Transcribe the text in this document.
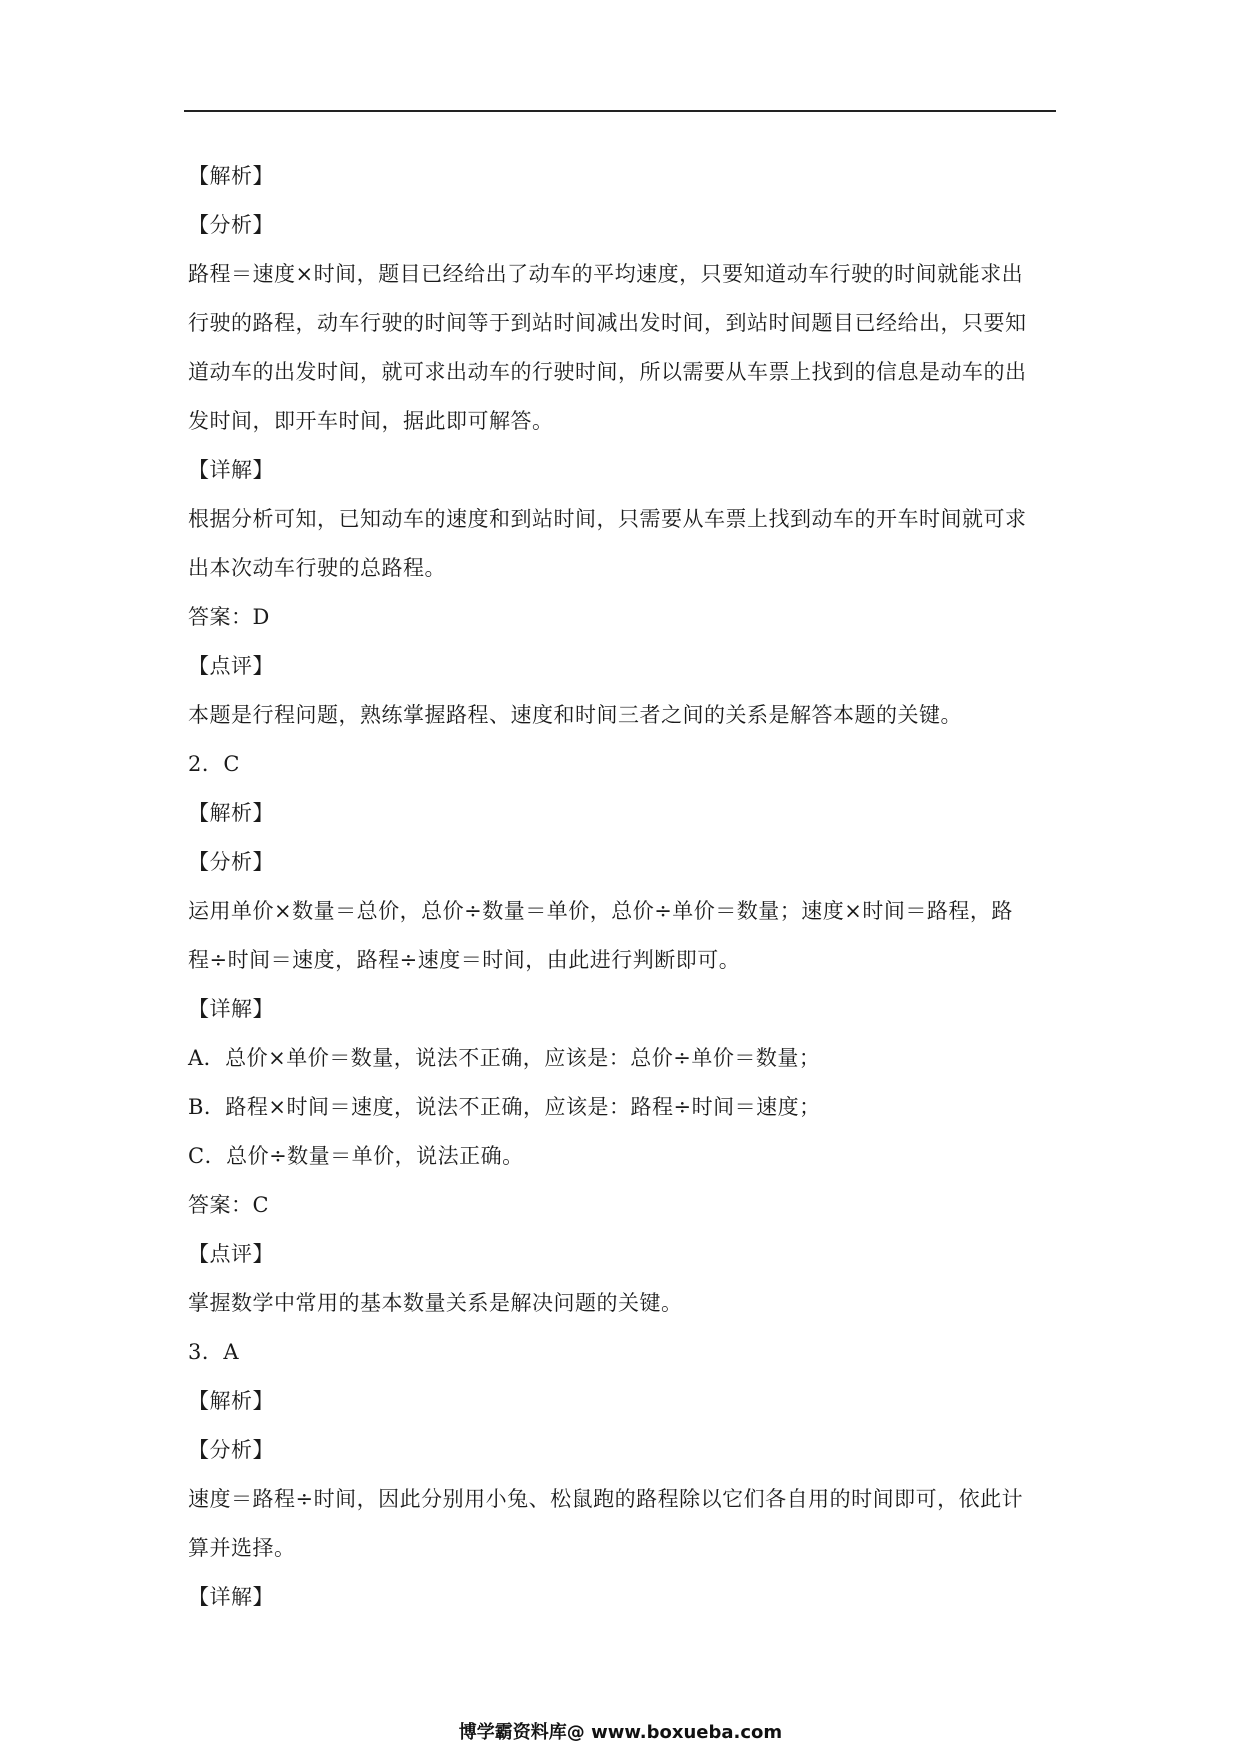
【解析】
【分析】
路程＝速度×时间，题目已经给出了动车的平均速度，只要知道动车行驶的时间就能求出
行驶的路程，动车行驶的时间等于到站时间减出发时间，到站时间题目已经给出，只要知
道动车的出发时间，就可求出动车的行驶时间，所以需要从车票上找到的信息是动车的出
发时间，即开车时间，据此即可解答。
【详解】
根据分析可知，已知动车的速度和到站时间，只需要从车票上找到动车的开车时间就可求
出本次动车行驶的总路程。
答案：D
【点评】
本题是行程问题，熟练掌握路程、速度和时间三者之间的关系是解答本题的关键。
2．C
【解析】
【分析】
运用单价×数量＝总价，总价÷数量＝单价，总价÷单价＝数量；速度×时间＝路程，路
程÷时间＝速度，路程÷速度＝时间，由此进行判断即可。
【详解】
A．总价×单价＝数量，说法不正确，应该是：总价÷单价＝数量；
B．路程×时间＝速度，说法不正确，应该是：路程÷时间＝速度；
C．总价÷数量＝单价，说法正确。
答案：C
【点评】
掌握数学中常用的基本数量关系是解决问题的关键。
3．A
【解析】
【分析】
速度＝路程÷时间，因此分别用小兔、松鼠跑的路程除以它们各自用的时间即可，依此计
算并选择。
【详解】
博学霸资料库@ www.boxueba.com
